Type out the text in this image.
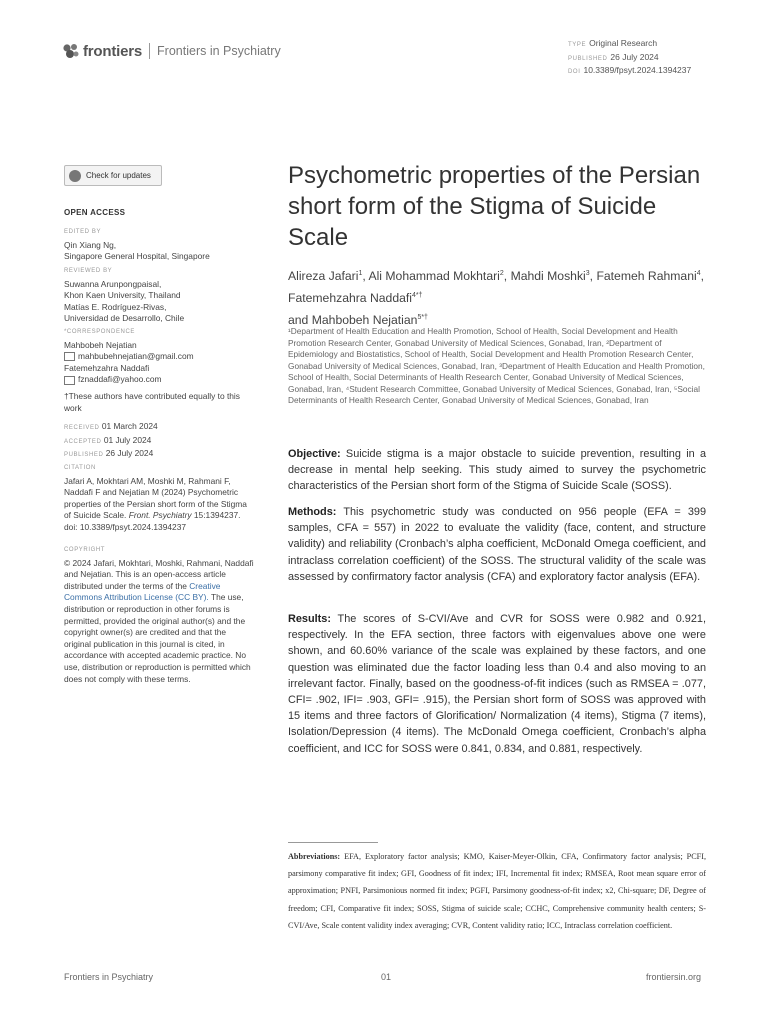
frontiers Frontiers in Psychiatry	TYPE Original Research
PUBLISHED 26 July 2024
DOI 10.3389/fpsyt.2024.1394237
Check for updates
OPEN ACCESS
EDITED BY
Qin Xiang Ng,
Singapore General Hospital, Singapore
REVIEWED BY
Suwanna Arunpongpaisal,
Khon Kaen University, Thailand
Matías E. Rodríguez-Rivas,
Universidad de Desarrollo, Chile
*CORRESPONDENCE
Mahbobeh Nejatian
mahbubehnejatian@gmail.com
Fatemehzahra Naddafi
fznaddafi@yahoo.com
†These authors have contributed equally to this work
RECEIVED 01 March 2024
ACCEPTED 01 July 2024
PUBLISHED 26 July 2024
CITATION
Jafari A, Mokhtari AM, Moshki M, Rahmani F, Naddafi F and Nejatian M (2024) Psychometric properties of the Persian short form of the Stigma of Suicide Scale. Front. Psychiatry 15:1394237.
doi: 10.3389/fpsyt.2024.1394237
COPYRIGHT
© 2024 Jafari, Mokhtari, Moshki, Rahmani, Naddafi and Nejatian. This is an open-access article distributed under the terms of the Creative Commons Attribution License (CC BY). The use, distribution or reproduction in other forums is permitted, provided the original author(s) and the copyright owner(s) are credited and that the original publication in this journal is cited, in accordance with accepted academic practice. No use, distribution or reproduction is permitted which does not comply with these terms.
Psychometric properties of the Persian short form of the Stigma of Suicide Scale
Alireza Jafari$^1$, Ali Mohammad Mokhtari$^2$, Mahdi Moshki$^3$, Fatemeh Rahmani$^4$, Fatemehzahra Naddafi$^{4*\dagger}$
and Mahbobeh Nejatian$^{5*\dagger}$
¹Department of Health Education and Health Promotion, School of Health, Social Development and Health Promotion Research Center, Gonabad University of Medical Sciences, Gonabad, Iran, ²Department of Epidemiology and Biostatistics, School of Health, Social Development and Health Promotion Research Center, Gonabad University of Medical Sciences, Gonabad, Iran, ³Department of Health Education and Health Promotion, School of Health, Social Determinants of Health Research Center, Gonabad University of Medical Sciences, Gonabad, Iran, ⁴Student Research Committee, Gonabad University of Medical Sciences, Gonabad, Iran, ⁵Social Determinants of Health Research Center, Gonabad University of Medical Sciences, Gonabad, Iran
Objective: Suicide stigma is a major obstacle to suicide prevention, resulting in a decrease in mental help seeking. This study aimed to survey the psychometric characteristics of the Persian short form of the Stigma of Suicide Scale (SOSS).
Methods: This psychometric study was conducted on 956 people (EFA = 399 samples, CFA = 557) in 2022 to evaluate the validity (face, content, and structure validity) and reliability (Cronbach’s alpha coefficient, McDonald Omega coefficient, and intraclass correlation coefficient) of the SOSS. The structural validity of the scale was assessed by confirmatory factor analysis (CFA) and exploratory factor analysis (EFA).
Results: The scores of S-CVI/Ave and CVR for SOSS were 0.982 and 0.921, respectively. In the EFA section, three factors with eigenvalues above one were shown, and 60.60% variance of the scale was explained by these factors, and one question was eliminated due the factor loading less than 0.4 and also moving to an irrelevant factor. Finally, based on the goodness-of-fit indices (such as RMSEA = .077, CFI= .902, IFI= .903, GFI= .915), the Persian short form of SOSS was approved with 15 items and three factors of Glorification/ Normalization (4 items), Stigma (7 items), Isolation/Depression (4 items). The McDonald Omega coefficient, Cronbach’s alpha coefficient, and ICC for SOSS were 0.841, 0.834, and 0.881, respectively.
Abbreviations: EFA, Exploratory factor analysis; KMO, Kaiser-Meyer-Olkin, CFA, Confirmatory factor analysis; PCFI, parsimony comparative fit index; GFI, Goodness of fit index; IFI, Incremental fit index; RMSEA, Root mean square error of approximation; PNFI, Parsimonious normed fit index; PGFI, Parsimony goodness-of-fit index; x2, Chi-square; DF, Degree of freedom; CFI, Comparative fit index; SOSS, Stigma of suicide scale; CCHC, Comprehensive community health centers; S-CVI/Ave, Scale content validity index averaging; CVR, Content validity ratio; ICC, Intraclass correlation coefficient.
Frontiers in Psychiatry	01	frontiersin.org
